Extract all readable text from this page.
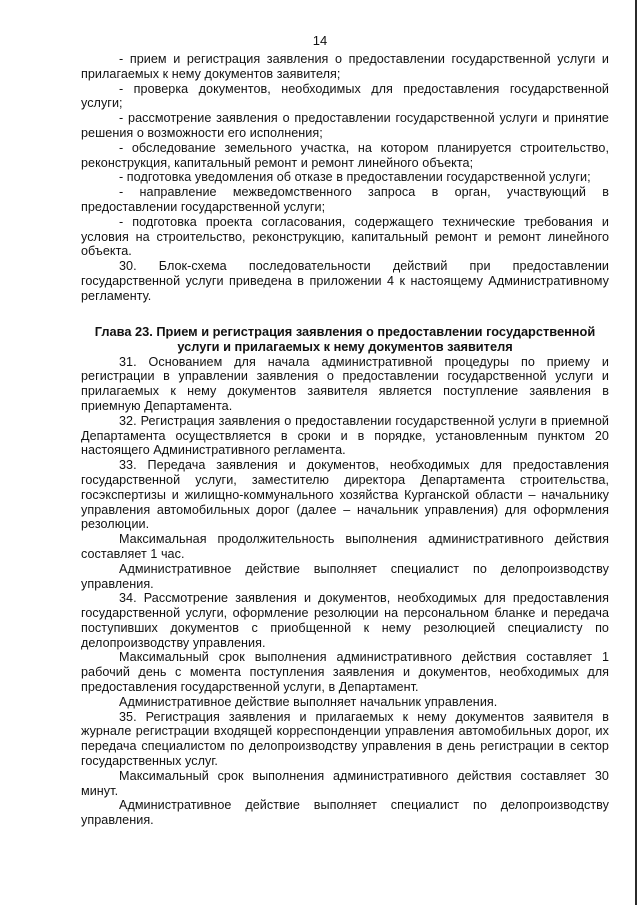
14

- прием и регистрация заявления о предоставлении государственной услуги и прилагаемых к нему документов заявителя;

- проверка документов, необходимых для предоставления государственной услуги;

- рассмотрение заявления о предоставлении государственной услуги и принятие решения о возможности его исполнения;

- обследование земельного участка, на котором планируется строительство, реконструкция, капитальный ремонт и ремонт линейного объекта;

- подготовка уведомления об отказе в предоставлении государственной услуги;

- направление межведомственного запроса в орган, участвующий в предоставлении государственной услуги;

- подготовка проекта согласования, содержащего технические требования и условия на строительство, реконструкцию, капитальный ремонт и ремонт линейного объекта.

30. Блок-схема последовательности действий при предоставлении государственной услуги приведена в приложении 4 к настоящему Административному регламенту.

Глава 23. Прием и регистрация заявления о предоставлении государственной услуги и прилагаемых к нему документов заявителя

31. Основанием для начала административной процедуры по приему и регистрации в управлении заявления о предоставлении государственной услуги и прилагаемых к нему документов заявителя является поступление заявления в приемную Департамента.

32. Регистрация заявления о предоставлении государственной услуги в приемной Департамента осуществляется в сроки и в порядке, установленным пунктом 20 настоящего Административного регламента.

33. Передача заявления и документов, необходимых для предоставления государственной услуги, заместителю директора Департамента строительства, госэкспертизы и жилищно-коммунального хозяйства Курганской области – начальнику управления автомобильных дорог (далее – начальник управления) для оформления резолюции.

Максимальная продолжительность выполнения административного действия составляет 1 час.

Административное действие выполняет специалист по делопроизводству управления.

34. Рассмотрение заявления и документов, необходимых для предоставления государственной услуги, оформление резолюции на персональном бланке и передача поступивших документов с приобщенной к нему резолюцией специалисту по делопроизводству управления.

Максимальный срок выполнения административного действия составляет 1 рабочий день с момента поступления заявления и документов, необходимых для предоставления государственной услуги, в Департамент.

Административное действие выполняет начальник управления.

35. Регистрация заявления и прилагаемых к нему документов заявителя в журнале регистрации входящей корреспонденции управления автомобильных дорог, их передача специалистом по делопроизводству управления в день регистрации в сектор государственных услуг.

Максимальный срок выполнения административного действия составляет 30 минут.

Административное действие выполняет специалист по делопроизводству управления.
